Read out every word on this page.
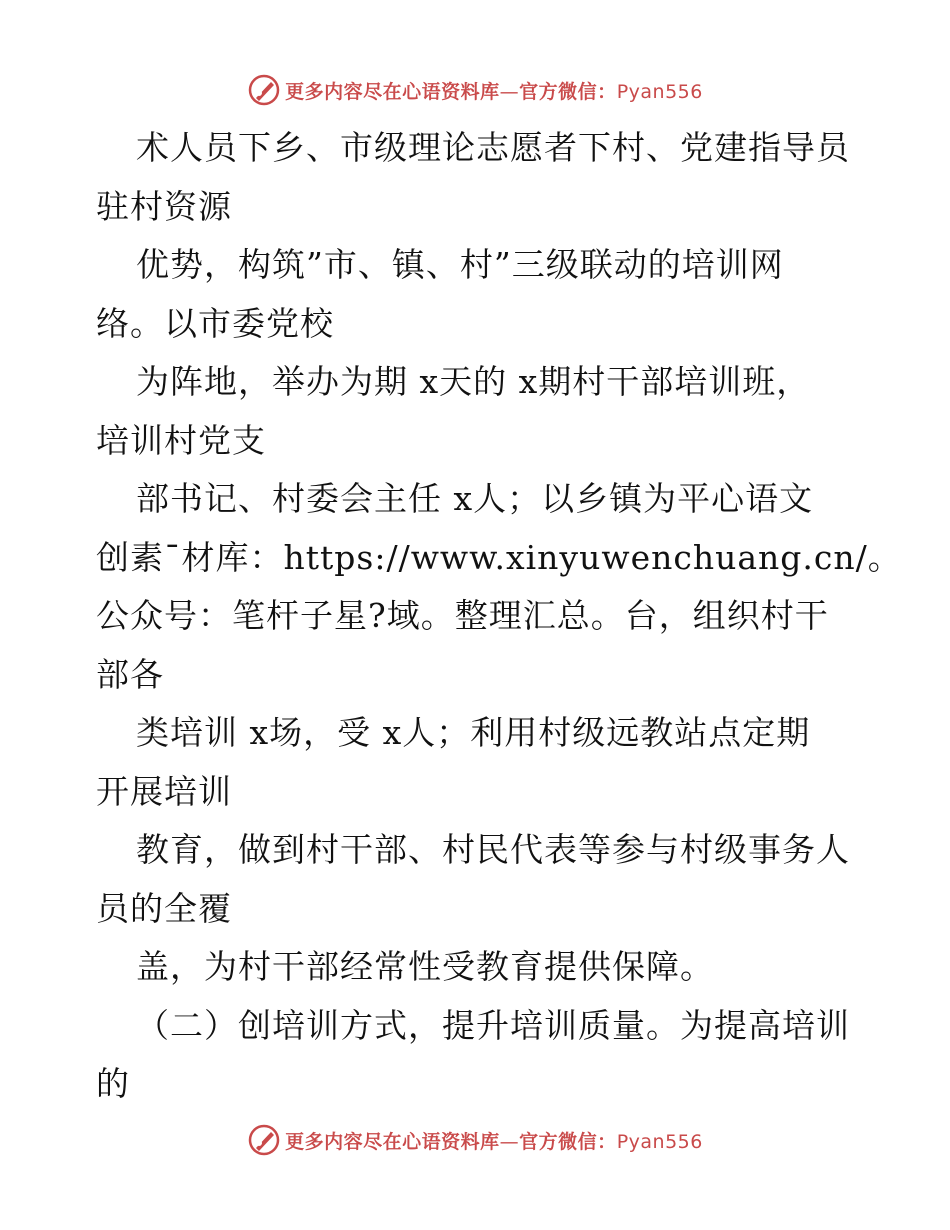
更多内容尽在心语资料库—官方微信：Pyan556
术人员下乡、市级理论志愿者下村、党建指导员
驻村资源
优势，构筑”市、镇、村”三级联动的培训网
络。以市委党校
为阵地，举办为期 x天的 x期村干部培训班，
培训村党支
部书记、村委会主任 x人；以乡镇为平心语文
创素¯材库：https://www.xinyuwenchuang.cn/。
公众号：笔杆子星?域。整理汇总。台，组织村干
部各
类培训 x场，受 x人；利用村级远教站点定期
开展培训
教育，做到村干部、村民代表等参与村级事务人
员的全覆
盖，为村干部经常性受教育提供保障。
（二）创培训方式，提升培训质量。为提高培训
的
更多内容尽在心语资料库—官方微信：Pyan556
